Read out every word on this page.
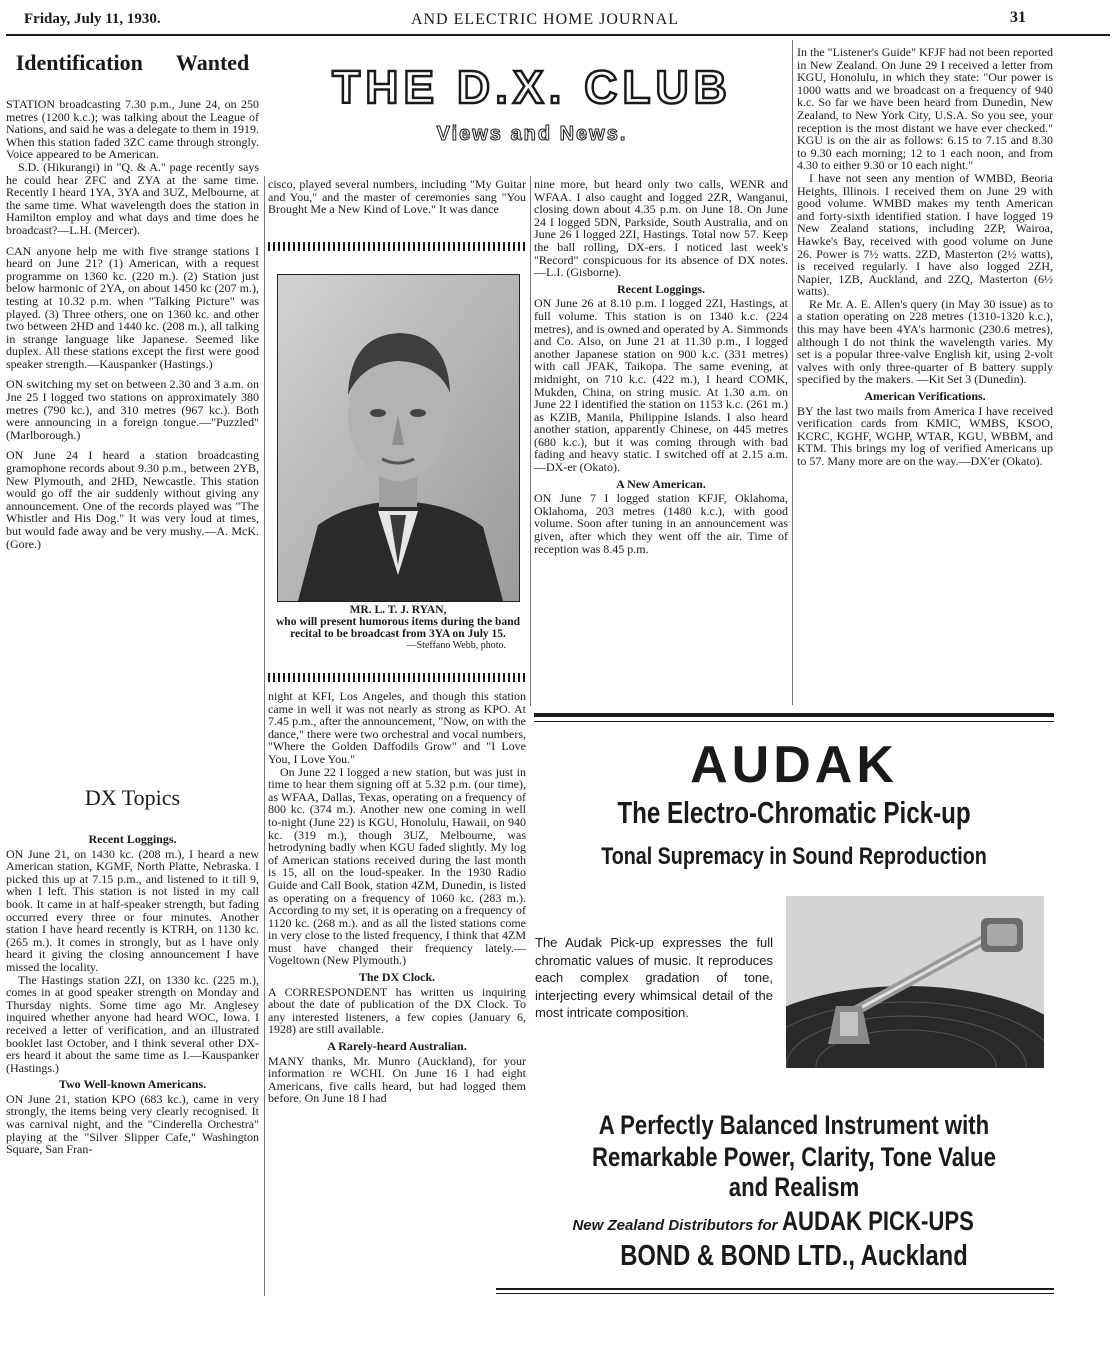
Friday, July 11, 1930.	AND ELECTRIC HOME JOURNAL	31
THE D.X. CLUB
Views and News.
Identification Wanted

STATION broadcasting 7.30 p.m., June 24, on 250 metres (1200 k.c.); was talking about the League of Nations, and said he was a delegate to them in 1919. When this station faded 3ZC came through strongly. Voice appeared to be American.

S.D. (Hikurangi) in "Q. & A." page recently says he could hear ZFC and ZYA at the same time. Recently I heard 1YA, 3YA and 3UZ, Melbourne, at the same time. What wavelength does the station in Hamilton employ and what days and time does he broadcast?—L.H. (Mercer).

CAN anyone help me with five strange stations I heard on June 21? (1) American, with a request programme on 1360 kc. (220 m.). (2) Station just below harmonic of 2YA, on about 1450 kc (207 m.), testing at 10.32 p.m. when "Talking Picture" was played. (3) Three others, one on 1360 kc. and other two between 2HD and 1440 kc. (208 m.), all talking in strange language like Japanese. Seemed like duplex. All these stations except the first were good speaker strength.—Kauspanker (Hastings.)

ON switching my set on between 2.30 and 3 a.m. on Jne 25 I logged two stations on approximately 380 metres (790 kc.), and 310 metres (967 kc.). Both were announcing in a foreign tongue.—"Puzzled" (Marlborough.)

ON June 24 I heard a station broadcasting gramophone records about 9.30 p.m., between 2YB, New Plymouth, and 2HD, Newcastle. This station would go off the air suddenly without giving any announcement. One of the records played was "The Whistler and His Dog." It was very loud at times, but would fade away and be very mushy.—A. McK. (Gore.)

DX Topics
Recent Loggings.

ON June 21, on 1430 kc. (208 m.), I heard a new American station, KGMF, North Platte, Nebraska. I picked this up at 7.15 p.m., and listened to it till 9, when I left. This station is not listed in my call book. It came in at half-speaker strength, but fading occurred every three or four minutes. Another station I have heard recently is KTRH, on 1130 kc. (265 m.). It comes in strongly, but as I have only heard it giving the closing announcement I have missed the locality.

The Hastings station 2ZI, on 1330 kc. (225 m.), comes in at good speaker strength on Monday and Thursday nights. Some time ago Mr. Anglesey inquired whether anyone had heard WOC, Iowa. I received a letter of verification, and an illustrated booklet last October, and I think several other DX-ers heard it about the same time as I.—Kauspanker (Hastings.)

Two Well-known Americans.

ON June 21, station KPO (683 kc.), came in very strongly, the items being very clearly recognised. It was carnival night, and the "Cinderella Orchestra" playing at the "Silver Slipper Cafe," Washington Square, San Fran-

cisco, played several numbers, including "My Guitar and You," and the master of ceremonies sang "You Brought Me a New Kind of Love." It was dance

MR. L. T. J. RYAN,
who will present humorous items during the band recital to be broadcast from 3YA on July 15.
—Steffano Webb, photo.

night at KFI, Los Angeles, and though this station came in well it was not nearly as strong as KPO. At 7.45 p.m., after the announcement, "Now, on with the dance," there were two orchestral and vocal numbers, "Where the Golden Daffodils Grow" and "I Love You, I Love You."

On June 22 I logged a new station, but was just in time to hear them signing off at 5.32 p.m. (our time), as WFAA, Dallas, Texas, operating on a frequency of 800 kc. (374 m.). Another new one coming in well to-night (June 22) is KGU, Honolulu, Hawaii, on 940 kc. (319 m.), though 3UZ, Melbourne, was hetrodyning badly when KGU faded slightly. My log of American stations received during the last month is 15, all on the loud-speaker. In the 1930 Radio Guide and Call Book, station 4ZM, Dunedin, is listed as operating on a frequency of 1060 kc. (283 m.). According to my set, it is operating on a frequency of 1120 kc. (268 m.). and as all the listed stations come in very close to the listed frequency, I think that 4ZM must have changed their frequency lately.—Vogeltown (New Plymouth.)

The DX Clock.

A CORRESPONDENT has written us inquiring about the date of publication of the DX Clock. To any interested listeners, a few copies (January 6, 1928) are still available.

A Rarely-heard Australian.

MANY thanks, Mr. Munro (Auckland), for your information re WCHI. On June 16 I had eight Americans, five calls heard, but had logged them before. On June 18 I had

nine more, but heard only two calls, WENR and WFAA. I also caught and logged 2ZR, Wanganui, closing down about 4.35 p.m. on June 18. On June 24 I logged 5DN, Parkside, South Australia, and on June 26 I logged 2ZI, Hastings. Total now 57. Keep the ball rolling, DX-ers. I noticed last week's "Record" conspicuous for its absence of DX notes.—L.I. (Gisborne).

Recent Loggings.

ON June 26 at 8.10 p.m. I logged 2ZI, Hastings, at full volume. This station is on 1340 k.c. (224 metres), and is owned and operated by A. Simmonds and Co. Also, on June 21 at 11.30 p.m., I logged another Japanese station on 900 k.c. (331 metres) with call JFAK, Taikopa. The same evening, at midnight, on 710 k.c. (422 m.), I heard COMK, Mukden, China, on string music. At 1.30 a.m. on June 22 I identified the station on 1153 k.c. (261 m.) as KZIB, Manila, Philippine Islands. I also heard another station, apparently Chinese, on 445 metres (680 k.c.), but it was coming through with bad fading and heavy static. I switched off at 2.15 a.m.—DX-er (Okato).

A New American.

ON June 7 I logged station KFJF, Oklahoma, Oklahoma, 203 metres (1480 k.c.), with good volume. Soon after tuning in an announcement was given, after which they went off the air. Time of reception was 8.45 p.m.

In the "Listener's Guide" KFJF had not been reported in New Zealand. On June 29 I received a letter from KGU, Honolulu, in which they state: "Our power is 1000 watts and we broadcast on a frequency of 940 k.c. So far we have been heard from Dunedin, New Zealand, to New York City, U.S.A. So you see, your reception is the most distant we have ever checked." KGU is on the air as follows: 6.15 to 7.15 and 8.30 to 9.30 each morning; 12 to 1 each noon, and from 4.30 to either 9.30 or 10 each night."

I have not seen any mention of WMBD, Beoria Heights, Illinois. I received them on June 29 with good volume. WMBD makes my tenth American and forty-sixth identified station. I have logged 19 New Zealand stations, including 2ZP, Wairoa, Hawke's Bay, received with good volume on June 26. Power is 7½ watts. 2ZD, Masterton (2½ watts), is received regularly. I have also logged 2ZH, Napier, 1ZB, Auckland, and 2ZQ, Masterton (6½ watts).

Re Mr. A. E. Allen's query (in May 30 issue) as to a station operating on 228 metres (1310-1320 k.c.), this may have been 4YA's harmonic (230.6 metres), although I do not think the wavelength varies. My set is a popular three-valve English kit, using 2-volt valves with only three-quarter of B battery supply specified by the makers. —Kit Set 3 (Dunedin).

American Verifications.

BY the last two mails from America I have received verification cards from KMIC, WMBS, KSOO, KCRC, KGHF, WGHP, WTAR, KGU, WBBM, and KTM. This brings my log of verified Americans up to 57. Many more are on the way.—DX'er (Okato).

AUDAK
The Electro-Chromatic Pick-up
Tonal Supremacy in Sound Reproduction
The Audak Pick-up expresses the full chromatic values of music. It reproduces each complex gradation of tone, interjecting every whimsical detail of the most intricate composition.
A Perfectly Balanced Instrument with
Remarkable Power, Clarity, Tone Value
and Realism
New Zealand Distributors for AUDAK PICK-UPS
BOND & BOND LTD., Auckland
